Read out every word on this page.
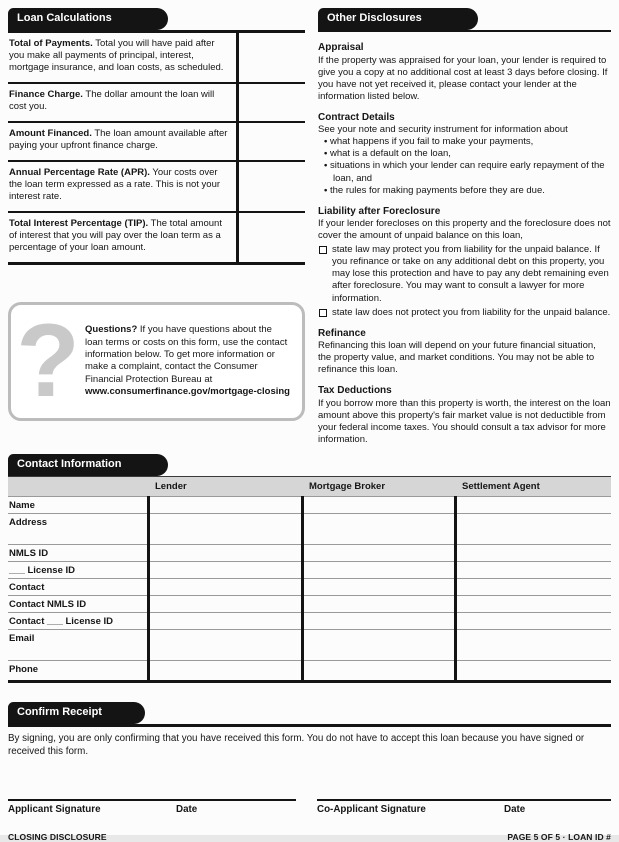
Loan Calculations
Total of Payments. Total you will have paid after you make all payments of principal, interest, mortgage insurance, and loan costs, as scheduled.	
Finance Charge. The dollar amount the loan will cost you.	
Amount Financed. The loan amount available after paying your upfront finance charge.	
Annual Percentage Rate (APR). Your costs over the loan term expressed as a rate. This is not your interest rate.	
Total Interest Percentage (TIP). The total amount of interest that you will pay over the loan term as a percentage of your loan amount.	
? Questions? If you have questions about the loan terms or costs on this form, use the contact information below. To get more information or make a complaint, contact the Consumer Financial Protection Bureau at
www.consumerfinance.gov/mortgage-closing
Other Disclosures
Appraisal

If the property was appraised for your loan, your lender is required to give you a copy at no additional cost at least 3 days before closing. If you have not yet received it, please contact your lender at the information listed below.

Contract Details

See your note and security instrument for information about

• what happens if you fail to make your payments,
• what is a default on the loan,
• situations in which your lender can require early repayment of the loan, and
• the rules for making payments before they are due.
Liability after Foreclosure

If your lender forecloses on this property and the foreclosure does not cover the amount of unpaid balance on this loan,

state law may protect you from liability for the unpaid balance. If you refinance or take on any additional debt on this property, you may lose this protection and have to pay any debt remaining even after foreclosure. You may want to consult a lawyer for more information.
state law does not protect you from liability for the unpaid balance.
Refinance

Refinancing this loan will depend on your future financial situation, the property value, and market conditions. You may not be able to refinance this loan.

Tax Deductions

If you borrow more than this property is worth, the interest on the loan amount above this property's fair market value is not deductible from your federal income taxes. You should consult a tax advisor for more information.

Contact Information
	Lender	Mortgage Broker	Settlement Agent
Name			
Address			
NMLS ID			
___ License ID			
Contact			
Contact NMLS ID			
Contact ___ License ID			
Email			
Phone			
Confirm Receipt

By signing, you are only confirming that you have received this form. You do not have to accept this loan because you have signed or received this form.

Applicant Signature	Date	Co-Applicant Signature	Date
CLOSING DISCLOSURE	PAGE 5 OF 5 · LOAN ID #
